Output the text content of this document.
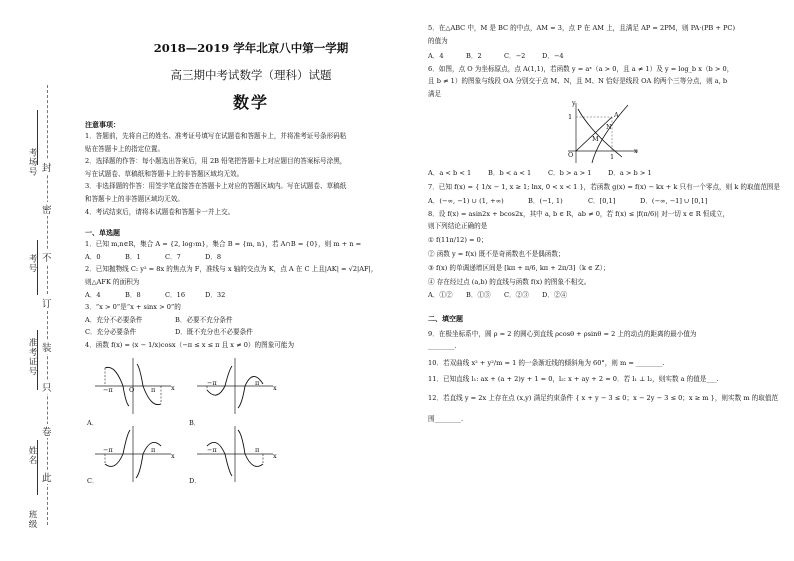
考场号
准考证号
考号
姓名
班级
封
密
不
订
装
只
卷
此
2018—2019 学年北京八中第一学期
高三期中考试数学（理科）试题
数学
注意事项：

1．答题前，先将自己的姓名、准考证号填写在试题卷和答题卡上，并将准考证号条形码粘

贴在答题卡上的指定位置。

2．选择题的作答：每小题选出答案后，用 2B 铅笔把答题卡上对应题目的答案标号涂黑，

写在试题卷、草稿纸和答题卡上的非答题区域均无效。

3．非选择题的作答：用签字笔直接答在答题卡上对应的答题区域内。写在试题卷、草稿纸

和答题卡上的非答题区域均无效。

4．考试结束后，请将本试题卷和答题卡一并上交。

一、单选题

1．已知 m,n∈R，集合 A = {2, log₇m}，集合 B = {m, n}，若 A∩B = {0}，则 m + n =

A．0	B．1	C．7	D．8

2．已知抛物线 C: y² = 8x 的焦点为 F，准线与 x 轴的交点为 K，点 A 在 C 上且|AK| = √2|AF|，

则△AFK 的面积为

A．4	B．8	C．16	D．32

3．“x > 0”是“x + sinx > 0”的

A．充分不必要条件	B．必要不充分条件
C．充分必要条件	D．既不充分也不必要条件

4．函数 f(x) = (x − 1/x)cosx（−π ≤ x ≤ π 且 x ≠ 0）的图象可能为

−π	O	π x
A．
−π	π
x
B．
−π	π
x
C．
−π	π
x
D．

5．在△ABC 中，M 是 BC 的中点，AM = 3，点 P 在 AM 上，且满足 AP = 2PM，则 PA·(PB + PC)

的值为

A．4	B．2	C．−2	D．−4

6．如图，点 O 为坐标原点，点 A(1,1)，若函数 y = aˣ（a > 0，且 a ≠ 1）及 y = log_b x（b > 0，

且 b ≠ 1）的图象与线段 OA 分别交于点 M、N，且 M、N 恰好是线段 OA 的两个三等分点，则 a, b

满足

y
x
A
N
M
O
1
1
A．a < b < 1	B．b < a < 1	C．b > a > 1	D．a > b > 1

7．已知 f(x) = { 1/x − 1, x ≥ 1; lnx, 0 < x < 1 }，若函数 g(x) = f(x) − kx + k 只有一个零点，则 k 的取值范围是

A．(−∞, −1) ∪ (1, +∞)	B．(−1, 1)	C．[0,1]	D．(−∞, −1] ∪ [0,1]

8．设 f(x) = asin2x + bcos2x，其中 a, b ∈ R，ab ≠ 0，若 f(x) ≤ |f(π/6)| 对一切 x ∈ R 恒成立，

则下列结论正确的是

① f(11π/12) = 0；

② 函数 y = f(x) 既不是奇函数也不是偶函数；

③ f(x) 的单调递增区间是 [kπ + π/6, kπ + 2π/3]（k ∈ Z）；

④ 存在经过点 (a,b) 的直线与函数 f(x) 的图象不相交。

A．①②	B．①③	C．②③	D．②④
二、填空题

9．在极坐标系中，圆 ρ = 2 的圆心到直线 ρcosθ + ρsinθ = 2 上的动点的距离的最小值为

________.

10．若双曲线 x² + y²/m = 1 的一条渐近线的倾斜角为 60°，则 m = ________.

11．已知直线 l₁: ax + (a + 2)y + 1 = 0，l₂: x + ay + 2 = 0．若 l₁ ⊥ l₂，则实数 a 的值是___.

12．若直线 y = 2x 上存在点 (x,y) 满足约束条件 { x + y − 3 ≤ 0；x − 2y − 3 ≤ 0；x ≥ m }，则实数 m 的取值范

围________.
